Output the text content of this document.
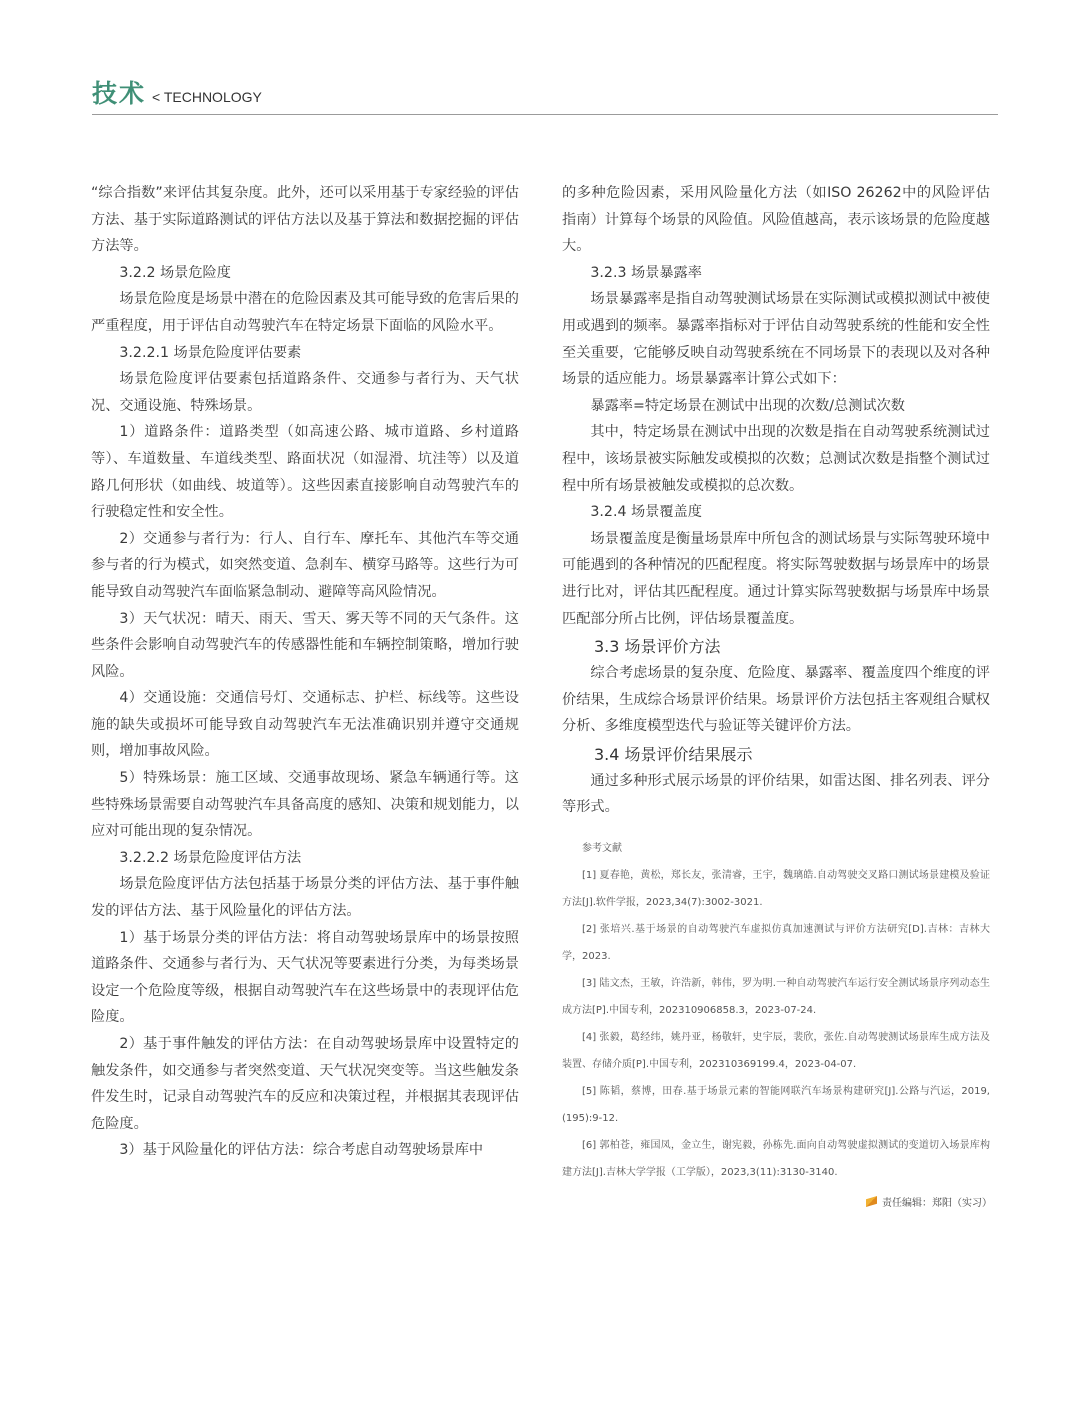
技术 < TECHNOLOGY

“综合指数”来评估其复杂度。此外，还可以采用基于专家经验的评估方法、基于实际道路测试的评估方法以及基于算法和数据挖掘的评估方法等。

3.2.2 场景危险度

场景危险度是场景中潜在的危险因素及其可能导致的危害后果的严重程度，用于评估自动驾驶汽车在特定场景下面临的风险水平。

3.2.2.1 场景危险度评估要素

场景危险度评估要素包括道路条件、交通参与者行为、天气状况、交通设施、特殊场景。

1）道路条件：道路类型（如高速公路、城市道路、乡村道路等）、车道数量、车道线类型、路面状况（如湿滑、坑洼等）以及道路几何形状（如曲线、坡道等）。这些因素直接影响自动驾驶汽车的行驶稳定性和安全性。

2）交通参与者行为：行人、自行车、摩托车、其他汽车等交通参与者的行为模式，如突然变道、急刹车、横穿马路等。这些行为可能导致自动驾驶汽车面临紧急制动、避障等高风险情况。

3）天气状况：晴天、雨天、雪天、雾天等不同的天气条件。这些条件会影响自动驾驶汽车的传感器性能和车辆控制策略，增加行驶风险。

4）交通设施：交通信号灯、交通标志、护栏、标线等。这些设施的缺失或损坏可能导致自动驾驶汽车无法准确识别并遵守交通规则，增加事故风险。

5）特殊场景：施工区域、交通事故现场、紧急车辆通行等。这些特殊场景需要自动驾驶汽车具备高度的感知、决策和规划能力，以应对可能出现的复杂情况。

3.2.2.2 场景危险度评估方法

场景危险度评估方法包括基于场景分类的评估方法、基于事件触发的评估方法、基于风险量化的评估方法。

1）基于场景分类的评估方法：将自动驾驶场景库中的场景按照道路条件、交通参与者行为、天气状况等要素进行分类，为每类场景设定一个危险度等级，根据自动驾驶汽车在这些场景中的表现评估危险度。

2）基于事件触发的评估方法：在自动驾驶场景库中设置特定的触发条件，如交通参与者突然变道、天气状况突变等。当这些触发条件发生时，记录自动驾驶汽车的反应和决策过程，并根据其表现评估危险度。

3）基于风险量化的评估方法：综合考虑自动驾驶场景库中

的多种危险因素，采用风险量化方法（如ISO 26262中的风险评估指南）计算每个场景的风险值。风险值越高，表示该场景的危险度越大。

3.2.3 场景暴露率

场景暴露率是指自动驾驶测试场景在实际测试或模拟测试中被使用或遇到的频率。暴露率指标对于评估自动驾驶系统的性能和安全性至关重要，它能够反映自动驾驶系统在不同场景下的表现以及对各种场景的适应能力。场景暴露率计算公式如下：

暴露率=特定场景在测试中出现的次数/总测试次数

其中，特定场景在测试中出现的次数是指在自动驾驶系统测试过程中，该场景被实际触发或模拟的次数；总测试次数是指整个测试过程中所有场景被触发或模拟的总次数。

3.2.4 场景覆盖度

场景覆盖度是衡量场景库中所包含的测试场景与实际驾驶环境中可能遇到的各种情况的匹配程度。将实际驾驶数据与场景库中的场景进行比对，评估其匹配程度。通过计算实际驾驶数据与场景库中场景匹配部分所占比例，评估场景覆盖度。

3.3 场景评价方法

综合考虑场景的复杂度、危险度、暴露率、覆盖度四个维度的评价结果，生成综合场景评价结果。场景评价方法包括主客观组合赋权分析、多维度模型迭代与验证等关键评价方法。

3.4 场景评价结果展示

通过多种形式展示场景的评价结果，如雷达图、排名列表、评分等形式。

参考文献
[1] 夏春艳，黄松，郑长友，张清睿，王宇，魏璃皓.自动驾驶交叉路口测试场景建模及验证方法[J].软件学报，2023,34(7):3002-3021.
[2] 张培兴.基于场景的自动驾驶汽车虚拟仿真加速测试与评价方法研究[D].吉林：吉林大学，2023.
[3] 陆文杰，王敏，许浩新，韩伟，罗为明.一种自动驾驶汽车运行安全测试场景序列动态生成方法[P].中国专利，202310906858.3，2023-07-24.
[4] 张毅，葛经纬，姚丹亚，杨敬轩，史宇辰，裴欣，张佐.自动驾驶测试场景库生成方法及装置、存储介质[P].中国专利，202310369199.4，2023-04-07.
[5] 陈韬，蔡博，田春.基于场景元素的智能网联汽车场景构建研究[J].公路与汽运，2019,(195):9-12.
[6] 郭柏苍，雍国凤，金立生，谢宪毅，孙栋先.面向自动驾驶虚拟测试的变道切入场景库构建方法[J].吉林大学学报（工学版），2023,3(11):3130-3140.
责任编辑：郑阳（实习）
